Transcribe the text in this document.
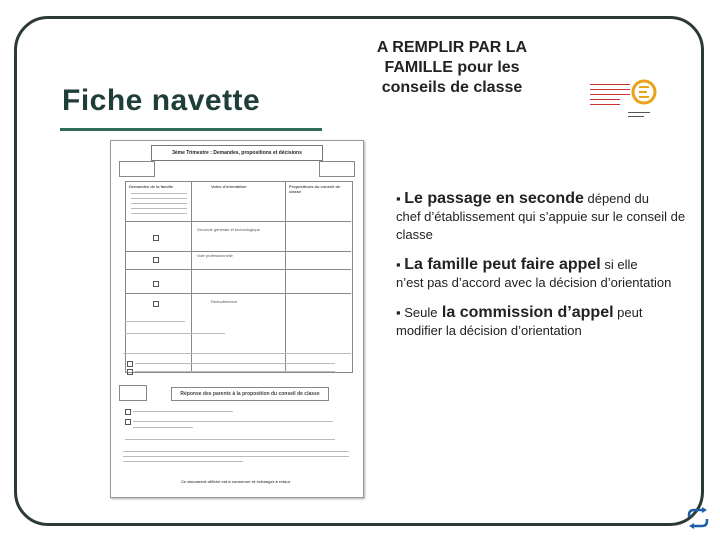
Fiche navette
A REMPLIR PAR LA FAMILLE pour les conseils de classe
3ème Trimestre : Demandes, propositions et décisions
Demandes de la famille	Voies d'orientation	Propositions du conseil de classe
Seconde générale et technologique
Voie professionnelle
Redoublement
Réponse des parents à la proposition du conseil de classe
Ce document officiel est à conserver et échanger à retour
▪ Le passage en seconde dépend du
chef d’établissement qui s’appuie sur le conseil de classe
▪ La famille peut faire appel si elle
n’est pas d’accord avec la décision d’orientation
▪ Seule la commission d’appel peut
modifier la décision d’orientation
